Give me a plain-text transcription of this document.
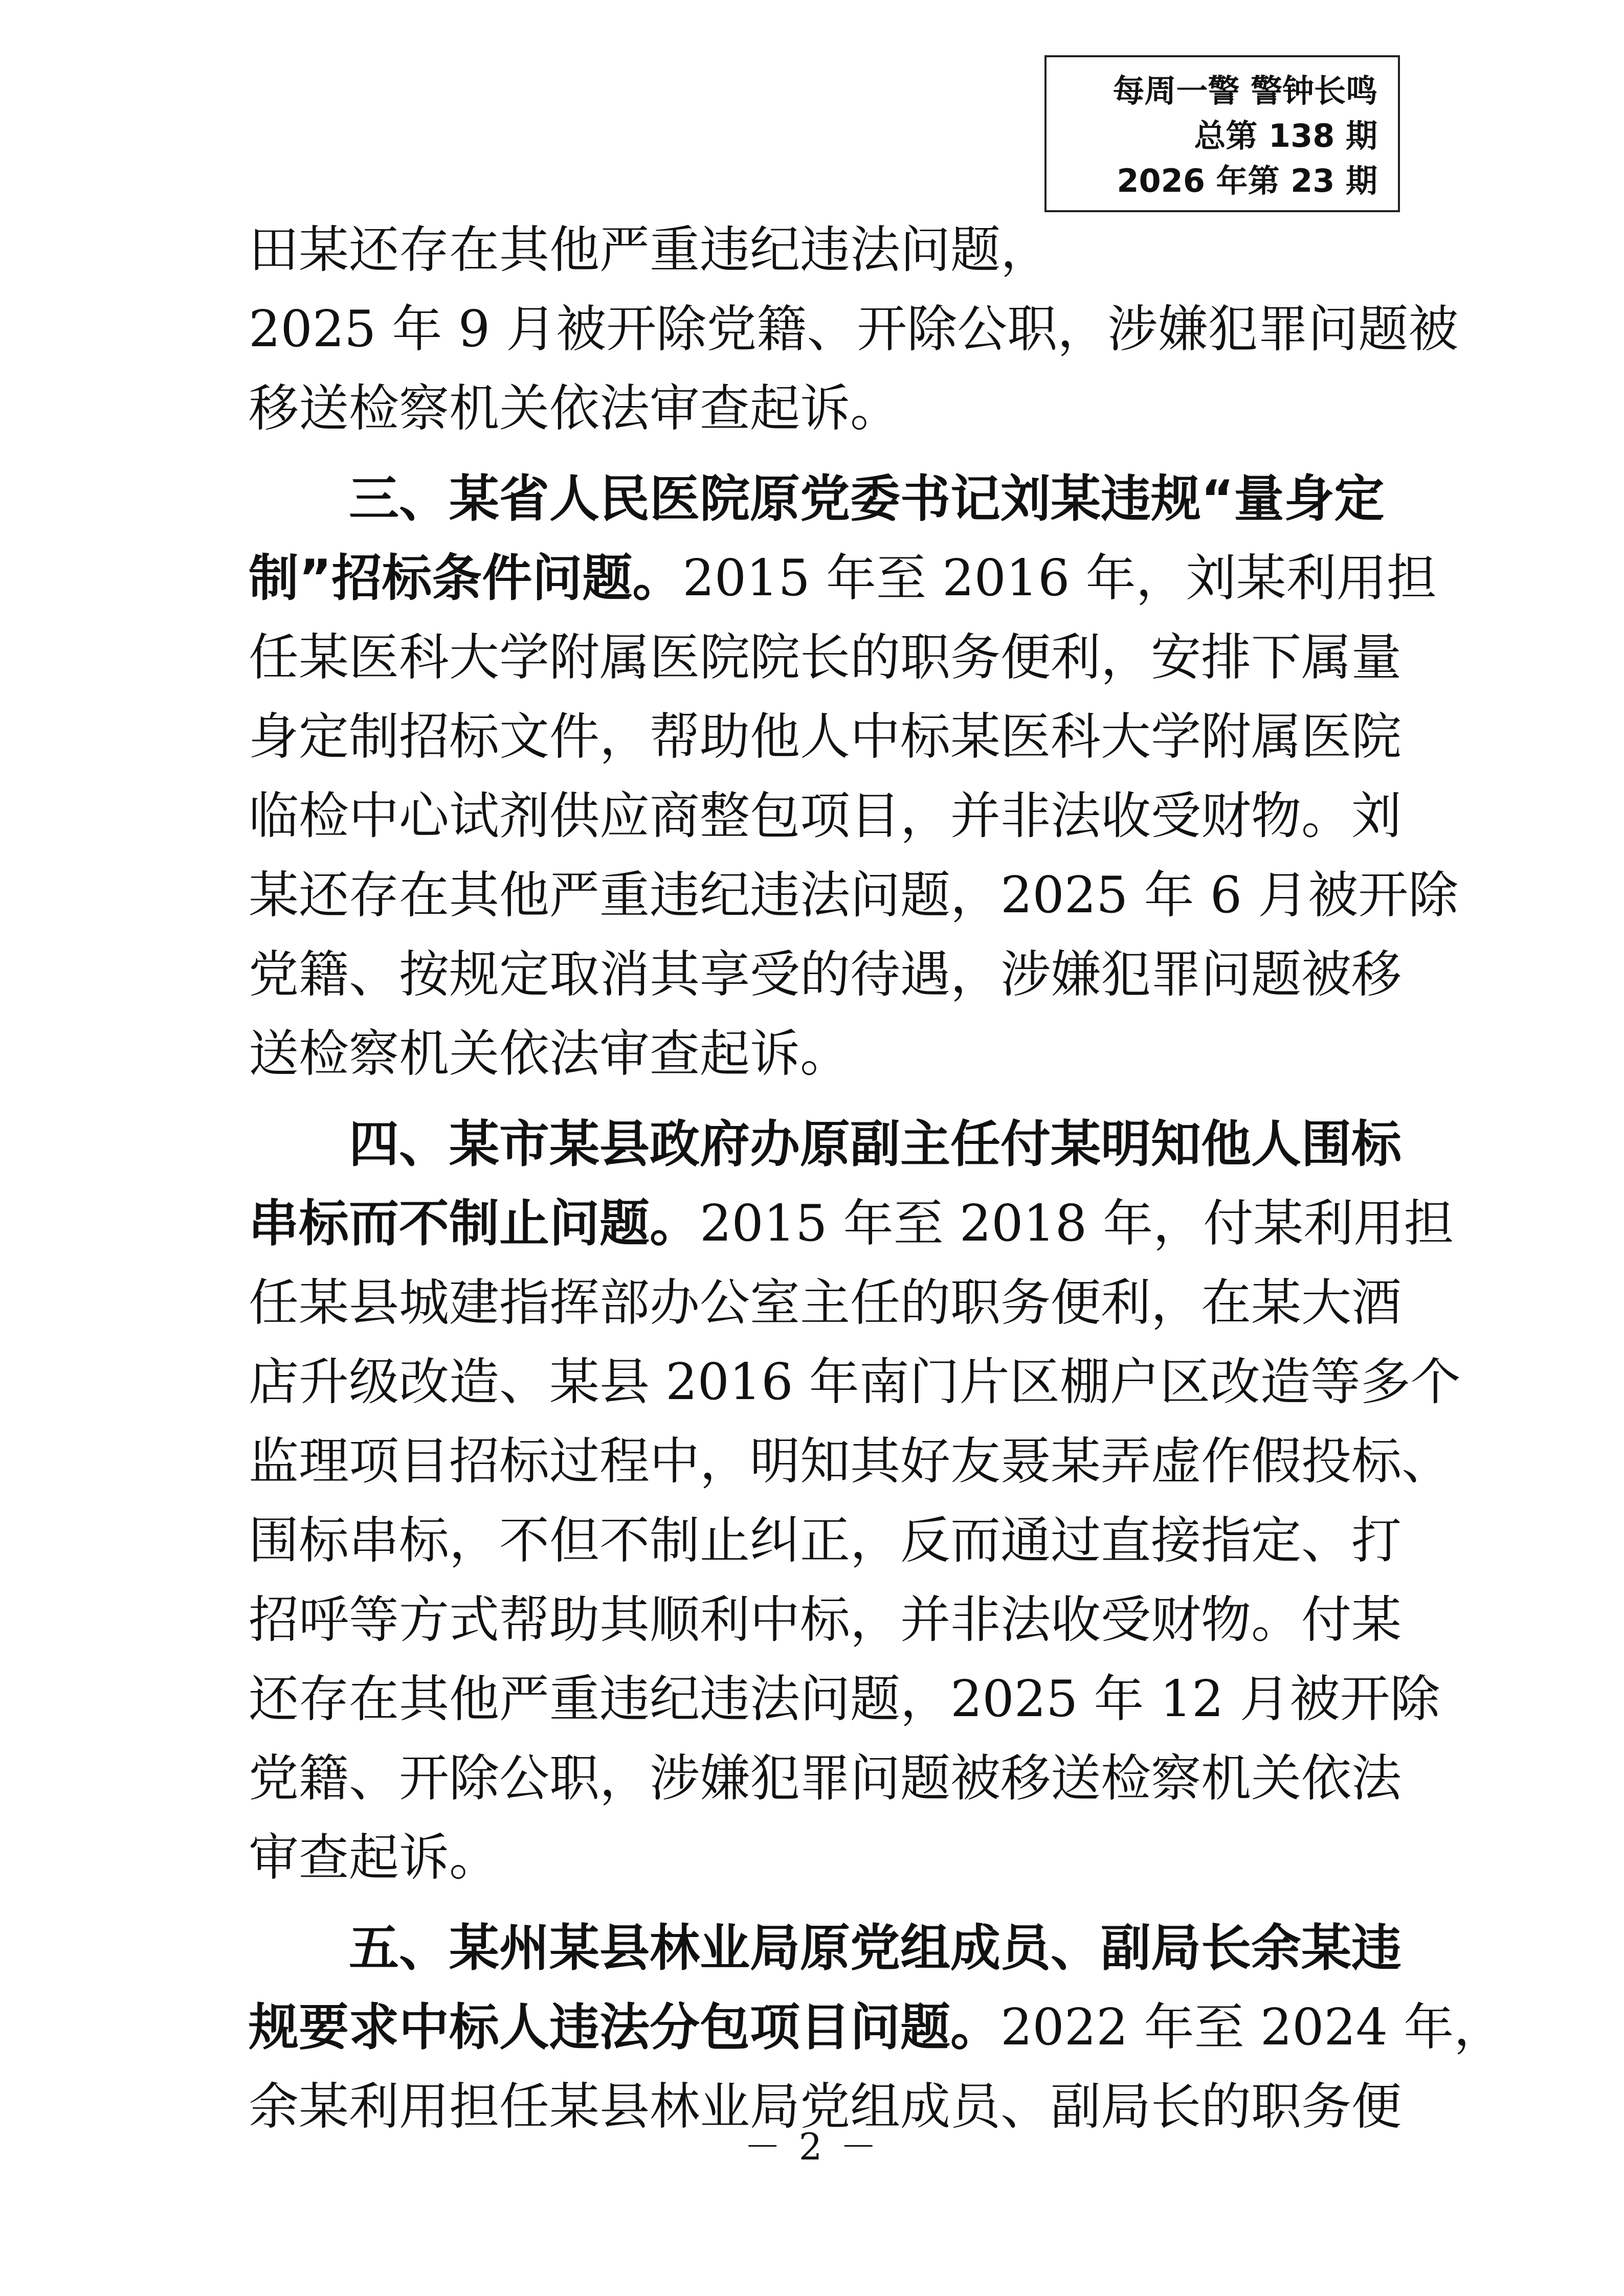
每周一警 警钟长鸣
总第 138 期
2026 年第 23 期
田某还存在其他严重违纪违法问题，
2025 年 9 月被开除党籍、开除公职，涉嫌犯罪问题被
移送检察机关依法审查起诉。
三、某省人民医院原党委书记刘某违规“量身定
制”招标条件问题。2015 年至 2016 年，刘某利用担
任某医科大学附属医院院长的职务便利，安排下属量
身定制招标文件，帮助他人中标某医科大学附属医院
临检中心试剂供应商整包项目，并非法收受财物。刘
某还存在其他严重违纪违法问题，2025 年 6 月被开除
党籍、按规定取消其享受的待遇，涉嫌犯罪问题被移
送检察机关依法审查起诉。
四、某市某县政府办原副主任付某明知他人围标
串标而不制止问题。2015 年至 2018 年，付某利用担
任某县城建指挥部办公室主任的职务便利，在某大酒
店升级改造、某县 2016 年南门片区棚户区改造等多个
监理项目招标过程中，明知其好友聂某弄虚作假投标、
围标串标，不但不制止纠正，反而通过直接指定、打
招呼等方式帮助其顺利中标，并非法收受财物。付某
还存在其他严重违纪违法问题，2025 年 12 月被开除
党籍、开除公职，涉嫌犯罪问题被移送检察机关依法
审查起诉。
五、某州某县林业局原党组成员、副局长余某违
规要求中标人违法分包项目问题。2022 年至 2024 年，
余某利用担任某县林业局党组成员、副局长的职务便
－ 2 －
